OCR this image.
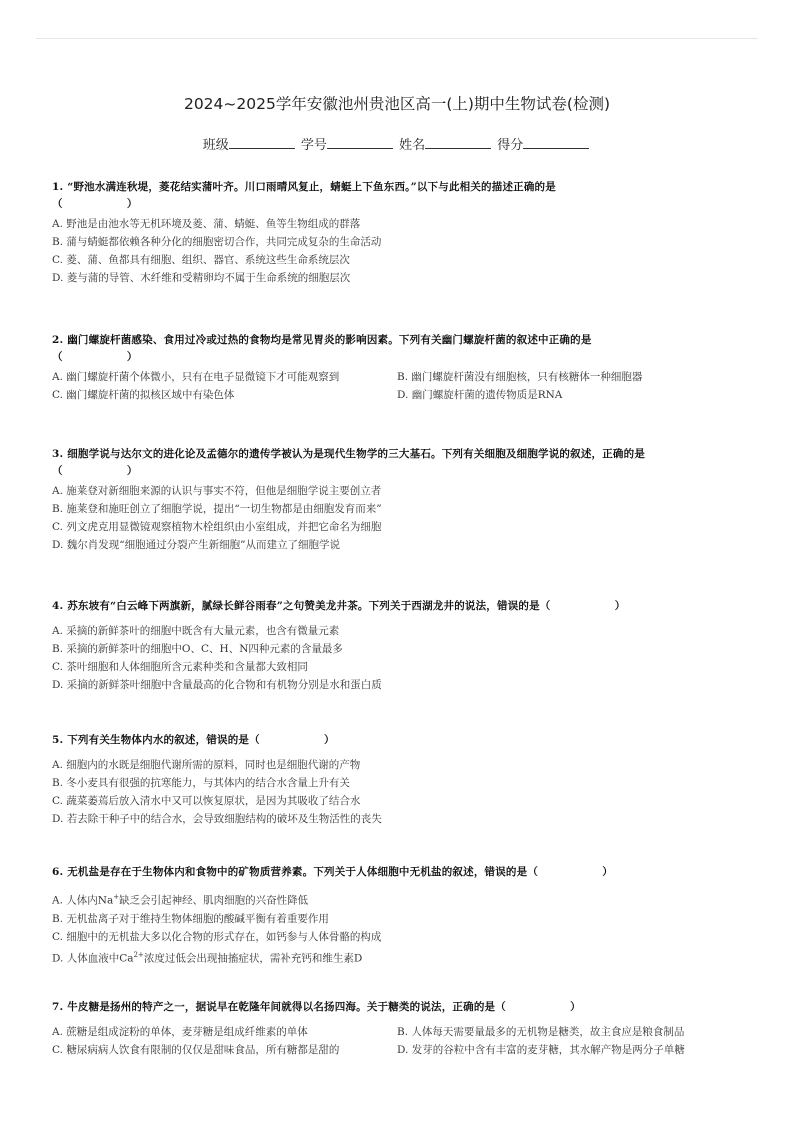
2024~2025学年安徽池州贵池区高一(上)期中生物试卷(检测)
班级	学号	姓名	得分
1. “野池水满连秋堤，菱花结实蒲叶齐。川口雨晴风复止，蜻蜓上下鱼东西。”以下与此相关的描述正确的是
（　　　　　　）
A. 野池是由池水等无机环境及菱、蒲、蜻蜓、鱼等生物组成的群落
B. 蒲与蜻蜓都依赖各种分化的细胞密切合作，共同完成复杂的生命活动
C. 菱、蒲、鱼都具有细胞、组织、器官、系统这些生命系统层次
D. 菱与蒲的导管、木纤维和受精卵均不属于生命系统的细胞层次
2. 幽门螺旋杆菌感染、食用过冷或过热的食物均是常见胃炎的影响因素。下列有关幽门螺旋杆菌的叙述中正确的是
（　　　　　　）
A. 幽门螺旋杆菌个体微小，只有在电子显微镜下才可能观察到	B. 幽门螺旋杆菌没有细胞核，只有核糖体一种细胞器
C. 幽门螺旋杆菌的拟核区域中有染色体	D. 幽门螺旋杆菌的遗传物质是RNA
3. 细胞学说与达尔文的进化论及孟德尔的遗传学被认为是现代生物学的三大基石。下列有关细胞及细胞学说的叙述，正确的是
（　　　　　　）
A. 施莱登对新细胞来源的认识与事实不符，但他是细胞学说主要创立者
B. 施莱登和施旺创立了细胞学说，提出“一切生物都是由细胞发育而来”
C. 列文虎克用显微镜观察植物木栓组织由小室组成，并把它命名为细胞
D. 魏尔肖发现“细胞通过分裂产生新细胞”从而建立了细胞学说
4. 苏东坡有“白云峰下两旗新，腻绿长鲜谷雨春”之句赞美龙井茶。下列关于西湖龙井的说法，错误的是（　　　　　　）
A. 采摘的新鲜茶叶的细胞中既含有大量元素，也含有微量元素
B. 采摘的新鲜茶叶的细胞中O、C、H、N四种元素的含量最多
C. 茶叶细胞和人体细胞所含元素种类和含量都大致相同
D. 采摘的新鲜茶叶细胞中含量最高的化合物和有机物分别是水和蛋白质
5. 下列有关生物体内水的叙述，错误的是（　　　　　　）
A. 细胞内的水既是细胞代谢所需的原料，同时也是细胞代谢的产物
B. 冬小麦具有很强的抗寒能力，与其体内的结合水含量上升有关
C. 蔬菜萎蔫后放入清水中又可以恢复原状，是因为其吸收了结合水
D. 若去除干种子中的结合水，会导致细胞结构的破坏及生物活性的丧失
6. 无机盐是存在于生物体内和食物中的矿物质营养素。下列关于人体细胞中无机盐的叙述，错误的是（　　　　　　）
A. 人体内Na+缺乏会引起神经、肌肉细胞的兴奋性降低
B. 无机盐离子对于维持生物体细胞的酸碱平衡有着重要作用
C. 细胞中的无机盐大多以化合物的形式存在，如钙参与人体骨骼的构成
D. 人体血液中$Ca^{2+}$浓度过低会出现抽搐症状，需补充钙和维生素D
7. 牛皮糖是扬州的特产之一，据说早在乾隆年间就得以名扬四海。关于糖类的说法，正确的是（　　　　　　）
A. 蔗糖是组成淀粉的单体，麦芽糖是组成纤维素的单体	B. 人体每天需要量最多的无机物是糖类，故主食应是粮食制品
C. 糖尿病病人饮食有限制的仅仅是甜味食品，所有糖都是甜的	D. 发芽的谷粒中含有丰富的麦芽糖，其水解产物是两分子单糖
